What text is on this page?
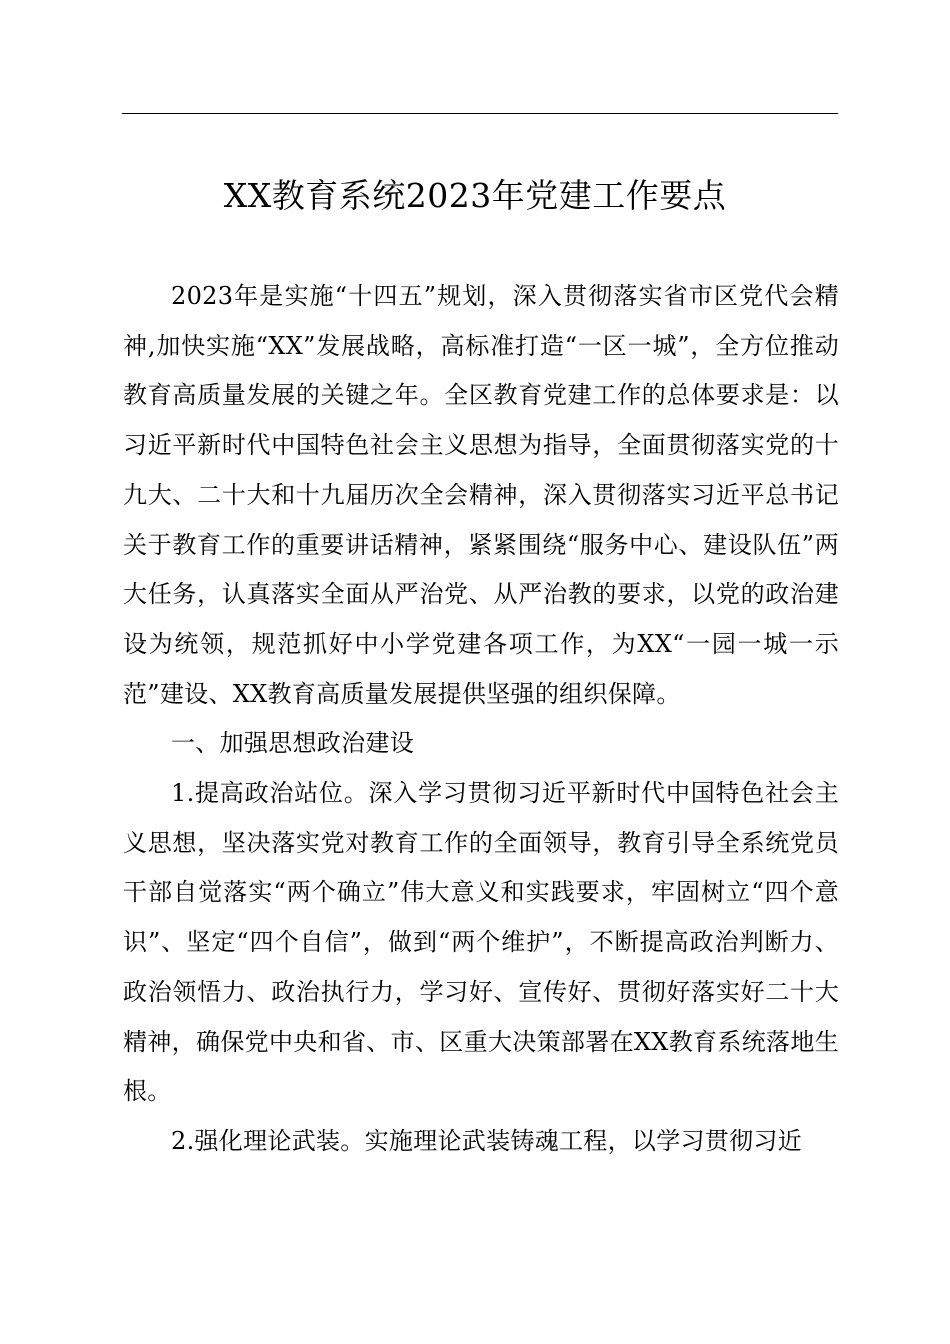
XX教育系统2023年党建工作要点

2023年是实施“十四五”规划，深入贯彻落实省市区党代会精神,加快实施“XX”发展战略，高标准打造“一区一城”，全方位推动教育高质量发展的关键之年。全区教育党建工作的总体要求是：以习近平新时代中国特色社会主义思想为指导，全面贯彻落实党的十九大、二十大和十九届历次全会精神，深入贯彻落实习近平总书记关于教育工作的重要讲话精神，紧紧围绕“服务中心、建设队伍”两大任务，认真落实全面从严治党、从严治教的要求，以党的政治建设为统领，规范抓好中小学党建各项工作，为XX“一园一城一示范”建设、XX教育高质量发展提供坚强的组织保障。

一、加强思想政治建设

1.提高政治站位。深入学习贯彻习近平新时代中国特色社会主义思想，坚决落实党对教育工作的全面领导，教育引导全系统党员干部自觉落实“两个确立”伟大意义和实践要求，牢固树立“四个意识”、坚定“四个自信”，做到“两个维护”，不断提高政治判断力、政治领悟力、政治执行力，学习好、宣传好、贯彻好落实好二十大精神，确保党中央和省、市、区重大决策部署在XX教育系统落地生根。

2.强化理论武装。实施理论武装铸魂工程，以学习贯彻习近
